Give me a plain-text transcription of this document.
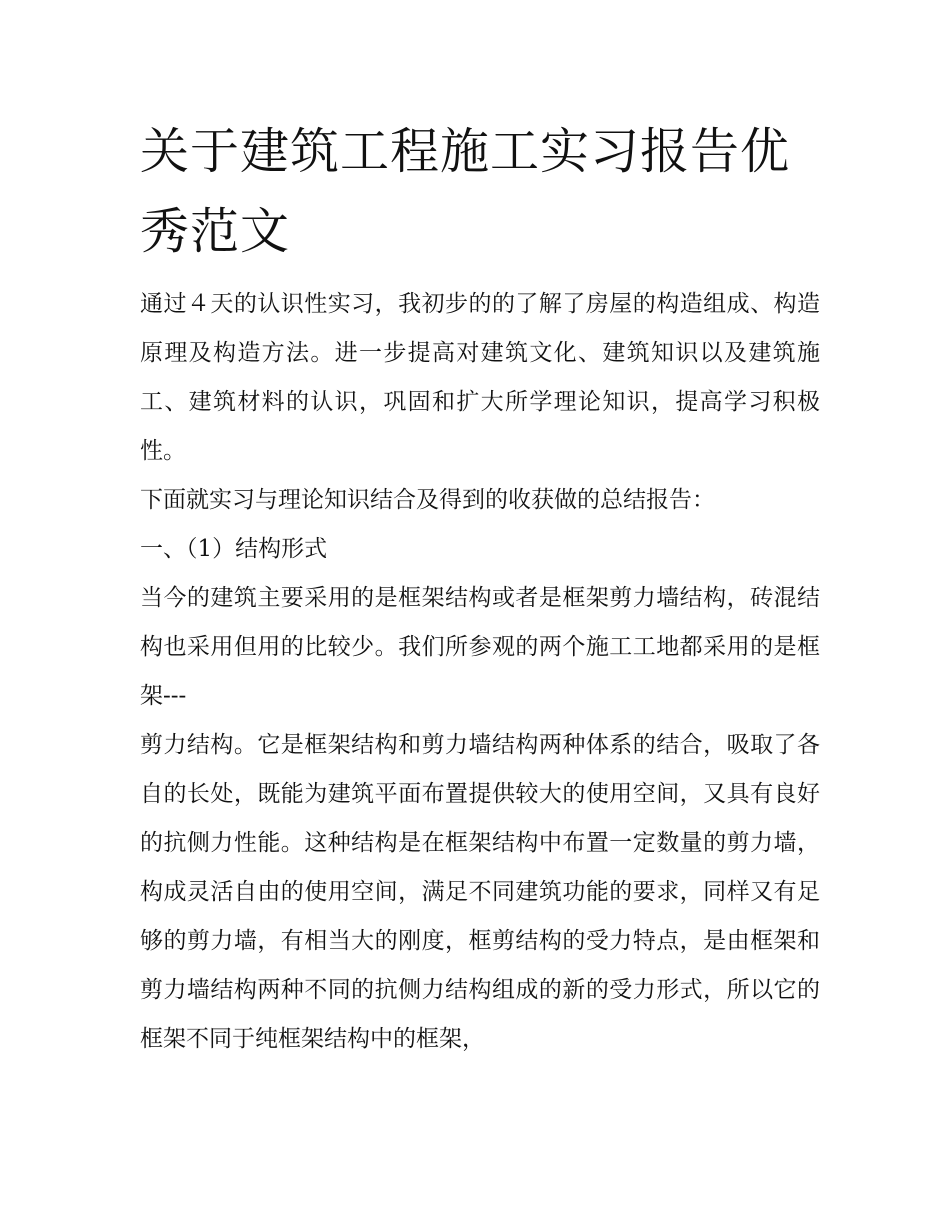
关于建筑工程施工实习报告优
秀范文

通过４天的认识性实习，我初步的的了解了房屋的构造组成、构造原理及构造方法。进一步提高对建筑文化、建筑知识以及建筑施工、建筑材料的认识，巩固和扩大所学理论知识，提高学习积极性。

下面就实习与理论知识结合及得到的收获做的总结报告：

一、（1）结构形式

当今的建筑主要采用的是框架结构或者是框架剪力墙结构，砖混结构也采用但用的比较少。我们所参观的两个施工工地都采用的是框架---

剪力结构。它是框架结构和剪力墙结构两种体系的结合，吸取了各自的长处，既能为建筑平面布置提供较大的使用空间，又具有良好的抗侧力性能。这种结构是在框架结构中布置一定数量的剪力墙，构成灵活自由的使用空间，满足不同建筑功能的要求，同样又有足够的剪力墙，有相当大的刚度，框剪结构的受力特点，是由框架和剪力墙结构两种不同的抗侧力结构组成的新的受力形式，所以它的框架不同于纯框架结构中的框架，
